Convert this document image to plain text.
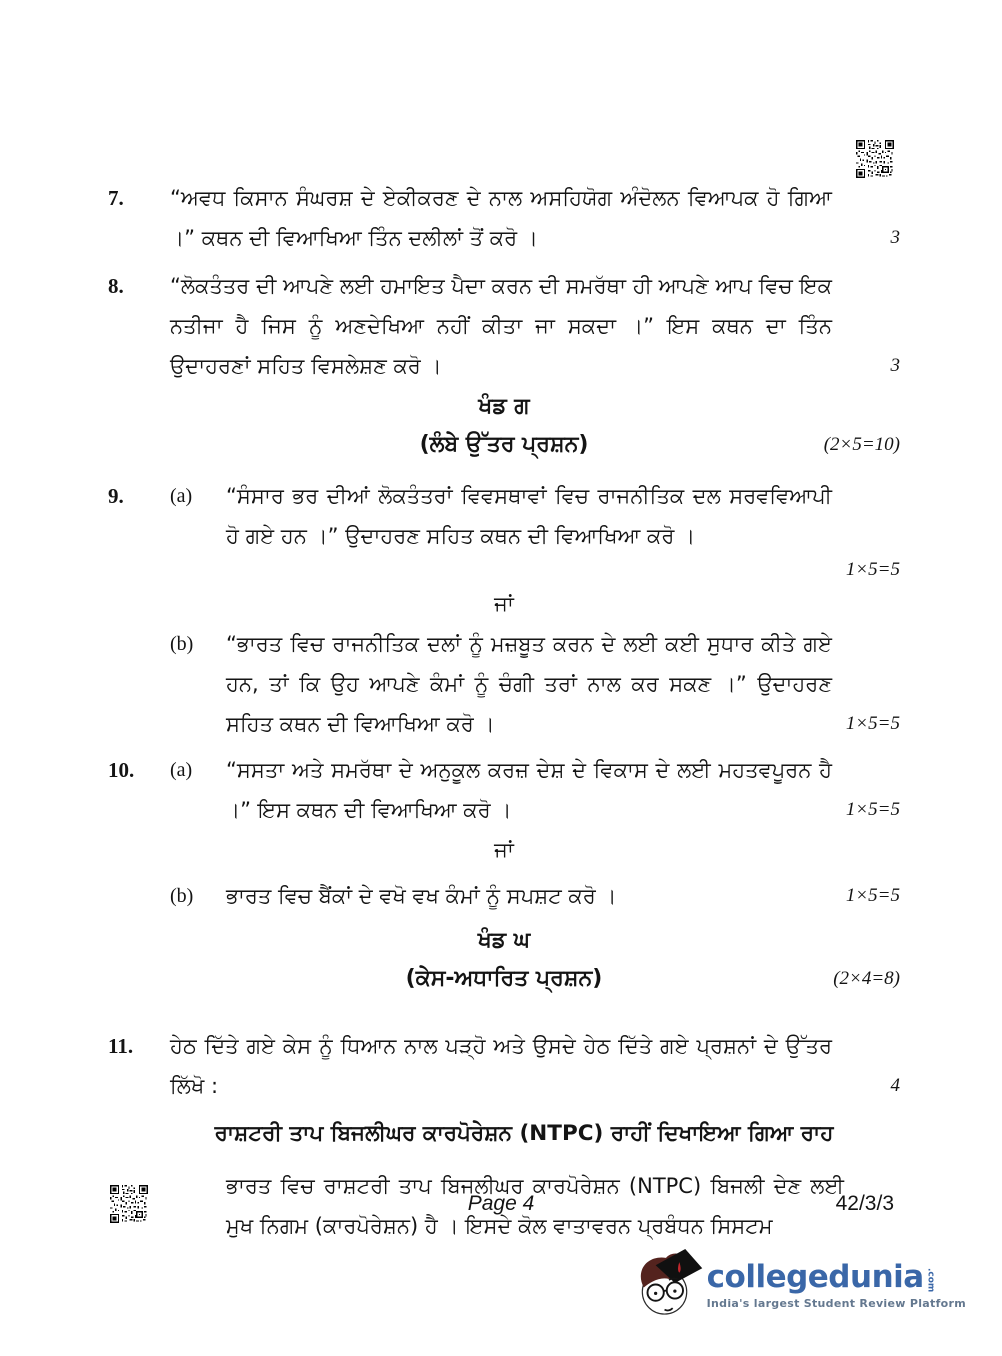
7.	“ਅਵਧ ਕਿਸਾਨ ਸੰਘਰਸ਼ ਦੇ ਏਕੀਕਰਣ ਦੇ ਨਾਲ ਅਸਹਿਯੋਗ ਅੰਦੋਲਨ ਵਿਆਪਕ ਹੋ ਗਿਆ ।” ਕਥਨ ਦੀ ਵਿਆਖਿਆ ਤਿੰਨ ਦਲੀਲਾਂ ਤੋਂ ਕਰੋ ।	3
8.	“ਲੋਕਤੰਤਰ ਦੀ ਆਪਣੇ ਲਈ ਹਮਾਇਤ ਪੈਦਾ ਕਰਨ ਦੀ ਸਮਰੱਥਾ ਹੀ ਆਪਣੇ ਆਪ ਵਿਚ ਇਕ ਨਤੀਜਾ ਹੈ ਜਿਸ ਨੂੰ ਅਣਦੇਖਿਆ ਨਹੀਂ ਕੀਤਾ ਜਾ ਸਕਦਾ ।” ਇਸ ਕਥਨ ਦਾ ਤਿੰਨ ਉਦਾਹਰਣਾਂ ਸਹਿਤ ਵਿਸਲੇਸ਼ਣ ਕਰੋ ।	3
ਖੰਡ ਗ
(ਲੰਬੇ ਉੱਤਰ ਪ੍ਰਸ਼ਨ)	(2×5=10)
9.	(a)	“ਸੰਸਾਰ ਭਰ ਦੀਆਂ ਲੋਕਤੰਤਰਾਂ ਵਿਵਸਥਾਵਾਂ ਵਿਚ ਰਾਜਨੀਤਿਕ ਦਲ ਸਰਵਵਿਆਪੀ ਹੋ ਗਏ ਹਨ ।” ਉਦਾਹਰਣ ਸਹਿਤ ਕਥਨ ਦੀ ਵਿਆਖਿਆ ਕਰੋ ।
1×5=5
ਜਾਂ
(b)	“ਭਾਰਤ ਵਿਚ ਰਾਜਨੀਤਿਕ ਦਲਾਂ ਨੂੰ ਮਜ਼ਬੂਤ ਕਰਨ ਦੇ ਲਈ ਕਈ ਸੁਧਾਰ ਕੀਤੇ ਗਏ ਹਨ, ਤਾਂ ਕਿ ਉਹ ਆਪਣੇ ਕੰਮਾਂ ਨੂੰ ਚੰਗੀ ਤਰਾਂ ਨਾਲ ਕਰ ਸਕਣ ।” ਉਦਾਹਰਣ ਸਹਿਤ ਕਥਨ ਦੀ ਵਿਆਖਿਆ ਕਰੋ ।	1×5=5
10.	(a)	“ਸਸਤਾ ਅਤੇ ਸਮਰੱਥਾ ਦੇ ਅਨੁਕੂਲ ਕਰਜ਼ ਦੇਸ਼ ਦੇ ਵਿਕਾਸ ਦੇ ਲਈ ਮਹਤਵਪੂਰਨ ਹੈ ।” ਇਸ ਕਥਨ ਦੀ ਵਿਆਖਿਆ ਕਰੋ ।	1×5=5
ਜਾਂ
(b)	ਭਾਰਤ ਵਿਚ ਬੈਂਕਾਂ ਦੇ ਵਖੋ ਵਖ ਕੰਮਾਂ ਨੂੰ ਸਪਸ਼ਟ ਕਰੋ ।	1×5=5
ਖੰਡ ਘ
(ਕੇਸ-ਅਧਾਰਿਤ ਪ੍ਰਸ਼ਨ)	(2×4=8)
11.	ਹੇਠ ਦਿੱਤੇ ਗਏ ਕੇਸ ਨੂੰ ਧਿਆਨ ਨਾਲ ਪੜ੍ਹੋ ਅਤੇ ਉਸਦੇ ਹੇਠ ਦਿੱਤੇ ਗਏ ਪ੍ਰਸ਼ਨਾਂ ਦੇ ਉੱਤਰ ਲਿੱਖੋ :	4
ਰਾਸ਼ਟਰੀ ਤਾਪ ਬਿਜਲੀਘਰ ਕਾਰਪੋਰੇਸ਼ਨ (NTPC) ਰਾਹੀਂ ਦਿਖਾਇਆ ਗਿਆ ਰਾਹ
ਭਾਰਤ ਵਿਚ ਰਾਸ਼ਟਰੀ ਤਾਪ ਬਿਜਲੀਘਰ ਕਾਰਪੋਰੇਸ਼ਨ (NTPC) ਬਿਜਲੀ ਦੇਣ ਲਈ ਮੁਖ ਨਿਗਮ (ਕਾਰਪੋਰੇਸ਼ਨ) ਹੈ । ਇਸਦੇ ਕੋਲ ਵਾਤਾਵਰਨ ਪ੍ਰਬੰਧਨ ਸਿਸਟਮ
Page 4	42/3/3
collegedunia .com
India's largest Student Review Platform
